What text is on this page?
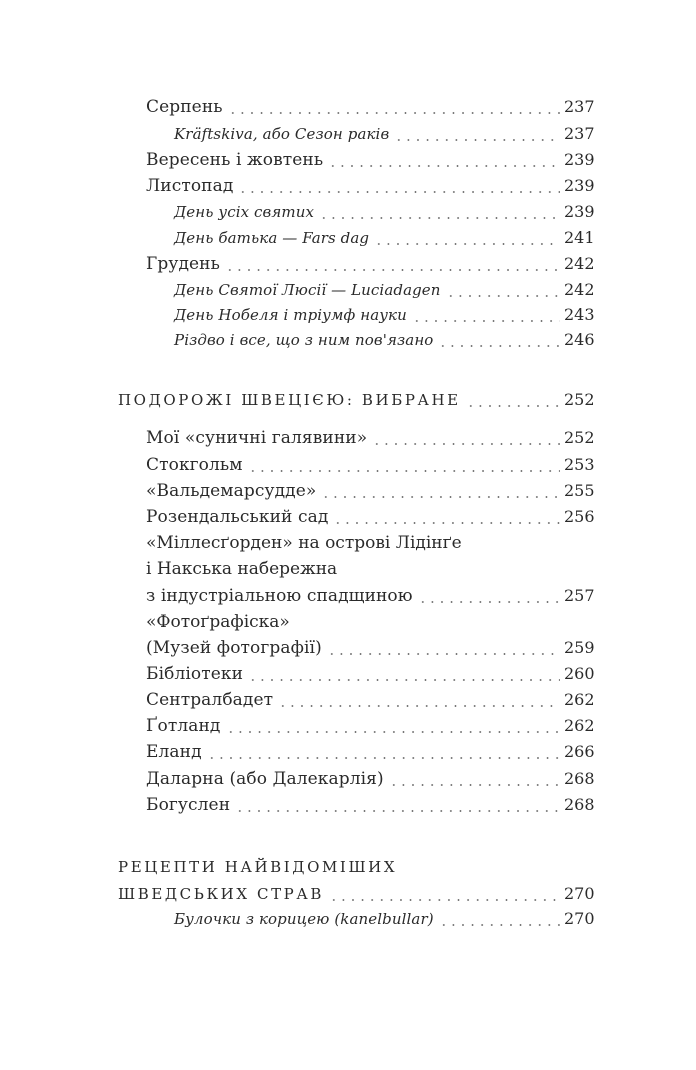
Серпень	237
Kräftskiva, або Сезон раків	237
Вересень і жовтень	239
Листопад	239
День усіх святих	239
День батька — Fars dag	241
Грудень	242
День Святої Люсії — Luciadagen	242
День Нобеля і тріумф науки	243
Різдво і все, що з ним пов'язано	246
ПОДОРОЖІ ШВЕЦІЄЮ: ВИБРАНЕ	252
Мої «суничні галявини»	252
Стокгольм	253
«Вальдемарсудде»	255
Розендальський сад	256
«Міллесґорден» на острові Лідінґе
і Накська набережна
з індустріальною спадщиною	257
«Фотоґрафіска»
(Музей фотографії)	259
Бібліотеки	260
Сентралбадет	262
Ґотланд	262
Еланд	266
Даларна (або Далекарлія)	268
Богуслен	268
РЕЦЕПТИ НАЙВІДОМІШИХ
ШВЕДСЬКИХ СТРАВ	270
Булочки з корицею (kanelbullar)	270
